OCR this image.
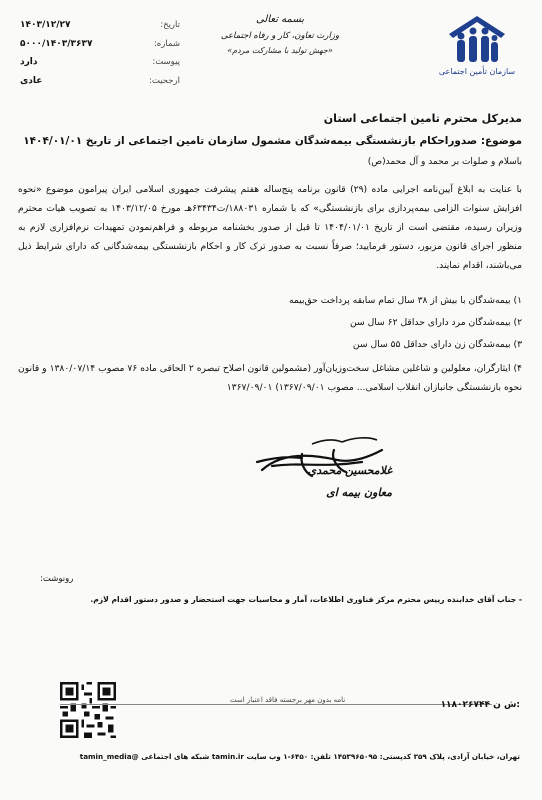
سازمان تأمین اجتماعی
بسمه تعالی
وزارت تعاون، کار و رفاه اجتماعی
«جهش تولید با مشارکت مردم»
تاریخ:
۱۴۰۳/۱۲/۲۷
شماره:
۵۰۰۰/۱۴۰۳/۳۶۳۷
پیوست:
دارد
ارجحیت:
عادی
مدیرکل محترم تامین اجتماعی استان
موضوع: صدوراحکام بازنشستگی بیمه‌شدگان مشمول سازمان تامین اجتماعی از تاریخ ۱۴۰۴/۰۱/۰۱
باسلام و صلوات بر محمد و آل محمد(ص)
با عنایت به ابلاغ آیین‌نامه اجرایی ماده (۲۹) قانون برنامه پنج‌ساله هفتم پیشرفت جمهوری اسلامی ایران پیرامون موضوع «نحوه افزایش سنوات الزامی بیمه‌پردازی برای بازنشستگی» که با شماره ۱۸۸۰۳۱/ت۶۳۴۳۴هـ مورخ ۱۴۰۳/۱۲/۰۵ به تصویب هیات محترم وزیران رسیده، مقتضی است از تاریخ ۱۴۰۴/۰۱/۰۱ تا قبل از صدور بخشنامه مربوطه و فراهم‌نمودن تمهیدات نرم‌افزاری لازم به منظور اجرای قانون مزبور، دستور فرمایید؛ صرفاً نسبت به صدور ترک کار و احکام بازنشستگی بیمه‌شدگانی که دارای شرایط ذیل می‌باشند، اقدام نمایند.
۱) بیمه‌شدگان با بیش از ۳۸ سال تمام سابقه پرداخت حق‌بیمه
۲) بیمه‌شدگان مرد دارای حداقل ۶۲ سال سن
۳) بیمه‌شدگان زن دارای حداقل ۵۵ سال سن
۴) ایثارگران، معلولین و شاغلین مشاغل سخت‌وزیان‌آور (مشمولین قانون اصلاح تبصره ۲ الحاقی ماده ۷۶ مصوب ۱۳۸۰/۰۷/۱۴ و قانون نحوه بازنشستگی جانبازان انقلاب اسلامی... مصوب ۱۳۶۷/۰۹/۰۱) ۱۳۶۷/۰۹/۰۱
غلامحسین محمدی
معاون بیمه ای
رونوشت:
- جناب آقای خدابنده رییس محترم مرکز فناوری اطلاعات، آمار و محاسبات جهت استحضار و صدور دستور اقدام لازم.
نامه بدون مهر برجسته فاقد اعتبار است	ش ن: ۱۱۸۰۲۶۷۴۴
تهران، خیابان آزادی، پلاک ۳۵۹ کدپستی: ۱۴۵۳۹۶۵۰۹۵ تلفن: ۶۴۵۰-۱ وب سایت tamin.ir شبکه های اجتماعی @tamin_media
